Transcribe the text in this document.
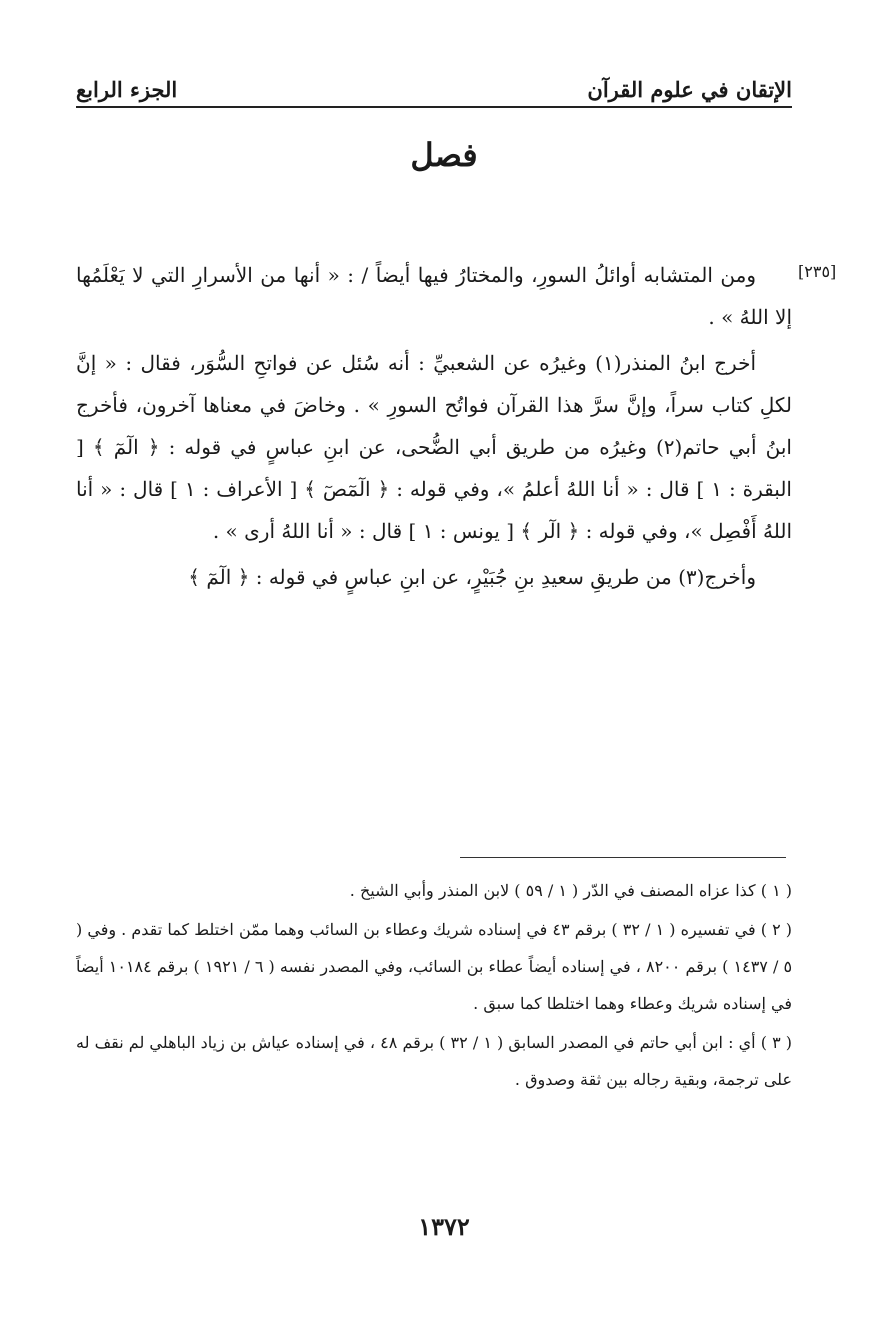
الإتقان في علوم القرآن
الجزء الرابع
فصل
[٢٣٥]

ومن المتشابه أوائلُ السورِ، والمختارُ فيها أيضاً / : « أنها من الأسرارِ التي لا يَعْلَمُها إلا اللهُ » .

أخرج ابنُ المنذر(١) وغيرُه عن الشعبيِّ : أنه سُئل عن فواتحِ السُّوَر، فقال : « إنَّ لكلِ كتاب سراً، وإنَّ سرَّ هذا القرآن فواتُح السورِ » . وخاضَ في معناها آخرون، فأخرج ابنُ أبي حاتم(٢) وغيرُه من طريق أبي الضُّحى، عن ابنِ عباسٍ في قوله : ﴿ الٓمٓ ﴾ [ البقرة : ١ ] قال : « أنا اللهُ أعلمُ »، وفي قوله : ﴿ الٓمٓصٓ ﴾ [ الأعراف : ١ ] قال : « أنا اللهُ أَفْصِل »، وفي قوله : ﴿ الٓر ﴾ [ يونس : ١ ] قال : « أنا اللهُ أرى » .

وأخرج(٣) من طريقِ سعيدِ بنِ جُبَيْرٍ، عن ابنِ عباسٍ في قوله : ﴿ الٓمٓ ﴾

( ١ ) كذا عزاه المصنف في الدّر ( ١ / ٥٩ ) لابن المنذر وأبي الشيخ .

( ٢ ) في تفسيره ( ١ / ٣٢ ) برقم ٤٣ في إسناده شريك وعطاء بن السائب وهما ممّن اختلط كما تقدم . وفي ( ٥ / ١٤٣٧ ) برقم ٨٢٠٠ ، في إسناده أيضاً عطاء بن السائب، وفي المصدر نفسه ( ٦ / ١٩٢١ ) برقم ١٠١٨٤ أيضاً في إسناده شريك وعطاء وهما اختلطا كما سبق .

( ٣ ) أي : ابن أبي حاتم في المصدر السابق ( ١ / ٣٢ ) برقم ٤٨ ، في إسناده عياش بن زياد الباهلي لم نقف له على ترجمة، وبقية رجاله بين ثقة وصدوق .

١٣٧٢
